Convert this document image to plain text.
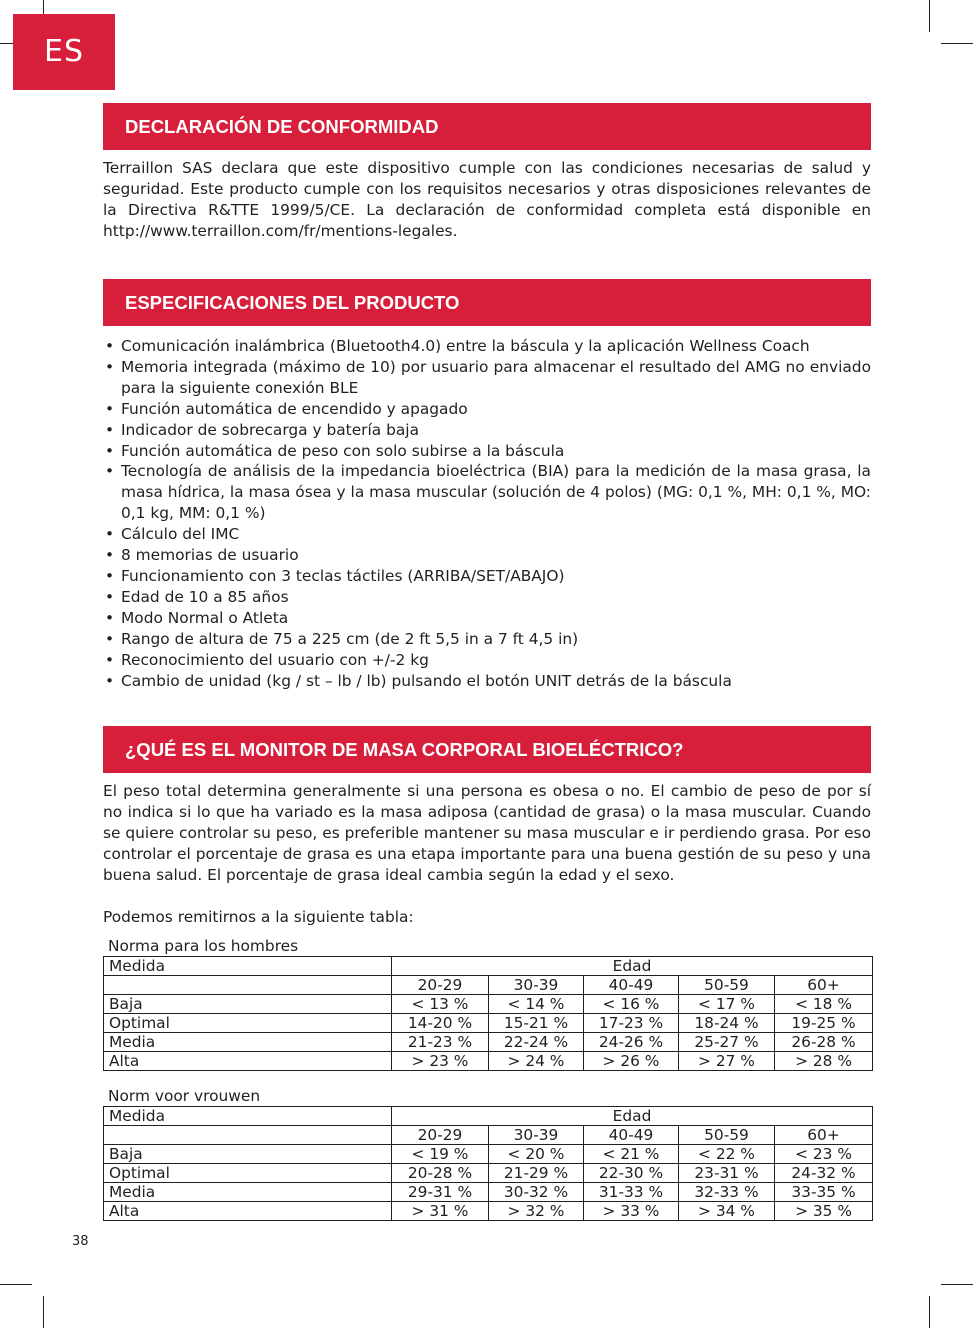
ES
DECLARACIÓN DE CONFORMIDAD

Terraillon SAS declara que este dispositivo cumple con las condiciones necesarias de salud y seguridad. Este producto cumple con los requisitos necesarios y otras disposiciones relevantes de la Directiva R&TTE 1999/5/CE. La declaración de conformidad completa está disponible en http://www.terraillon.com/fr/mentions-legales.

ESPECIFICACIONES DEL PRODUCTO
• Comunicación inalámbrica (Bluetooth4.0) entre la báscula y la aplicación Wellness Coach
• Memoria integrada (máximo de 10) por usuario para almacenar el resultado del AMG no enviado para la siguiente conexión BLE
• Función automática de encendido y apagado
• Indicador de sobrecarga y batería baja
• Función automática de peso con solo subirse a la báscula
• Tecnología de análisis de la impedancia bioeléctrica (BIA) para la medición de la masa grasa, la masa hídrica, la masa ósea y la masa muscular (solución de 4 polos) (MG: 0,1 %, MH: 0,1 %, MO: 0,1 kg, MM: 0,1 %)
• Cálculo del IMC
• 8 memorias de usuario
• Funcionamiento con 3 teclas táctiles (ARRIBA/SET/ABAJO)
• Edad de 10 a 85 años
• Modo Normal o Atleta
• Rango de altura de 75 a 225 cm (de 2 ft 5,5 in a 7 ft 4,5 in)
• Reconocimiento del usuario con +/-2 kg
• Cambio de unidad (kg / st – lb / lb) pulsando el botón UNIT detrás de la báscula
¿QUÉ ES EL MONITOR DE MASA CORPORAL BIOELÉCTRICO?

El peso total determina generalmente si una persona es obesa o no. El cambio de peso de por sí no indica si lo que ha variado es la masa adiposa (cantidad de grasa) o la masa muscular. Cuando se quiere controlar su peso, es preferible mantener su masa muscular e ir perdiendo grasa. Por eso controlar el porcentaje de grasa es una etapa importante para una buena gestión de su peso y una buena salud. El porcentaje de grasa ideal cambia según la edad y el sexo.

Podemos remitirnos a la siguiente tabla:

Norma para los hombres
Medida	Edad				
	20-29	30-39	40-49	50-59	60+
Baja	< 13 %	< 14 %	< 16 %	< 17 %	< 18 %
Optimal	14-20 %	15-21 %	17-23 %	18-24 %	19-25 %
Media	21-23 %	22-24 %	24-26 %	25-27 %	26-28 %
Alta	> 23 %	> 24 %	> 26 %	> 27 %	> 28 %
Norm voor vrouwen
Medida	Edad				
	20-29	30-39	40-49	50-59	60+
Baja	< 19 %	< 20 %	< 21 %	< 22 %	< 23 %
Optimal	20-28 %	21-29 %	22-30 %	23-31 %	24-32 %
Media	29-31 %	30-32 %	31-33 %	32-33 %	33-35 %
Alta	> 31 %	> 32 %	> 33 %	> 34 %	> 35 %
38
